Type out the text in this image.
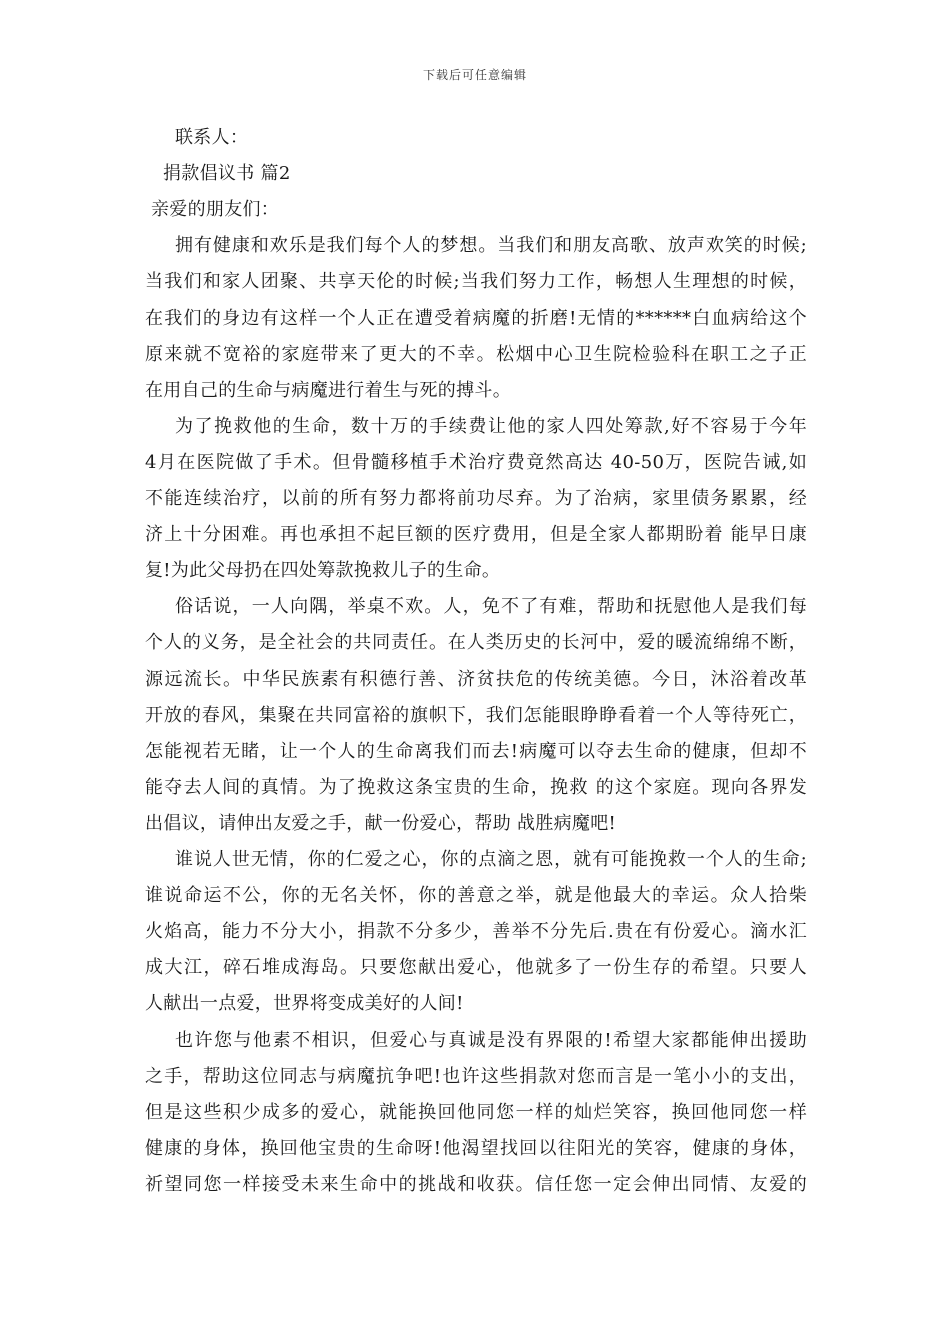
下载后可任意编辑
联系人：
捐款倡议书 篇2
亲爱的朋友们：
拥有健康和欢乐是我们每个人的梦想。当我们和朋友高歌、放声欢笑的时候;
当我们和家人团聚、共享天伦的时候;当我们努力工作，畅想人生理想的时候，
在我们的身边有这样一个人正在遭受着病魔的折磨!无情的******白血病给这个
原来就不宽裕的家庭带来了更大的不幸。松烟中心卫生院检验科在职工之子正
在用自己的生命与病魔进行着生与死的搏斗。
为了挽救他的生命，数十万的手续费让他的家人四处筹款,好不容易于今年
4月在医院做了手术。但骨髓移植手术治疗费竟然高达 40-50万，医院告诫,如
不能连续治疗，以前的所有努力都将前功尽弃。为了治病，家里债务累累，经
济上十分困难。再也承担不起巨额的医疗费用，但是全家人都期盼着 能早日康
复!为此父母扔在四处筹款挽救儿子的生命。
俗话说，一人向隅，举桌不欢。人，免不了有难，帮助和抚慰他人是我们每
个人的义务，是全社会的共同责任。在人类历史的长河中，爱的暖流绵绵不断，
源远流长。中华民族素有积德行善、济贫扶危的传统美德。今日，沐浴着改革
开放的春风，集聚在共同富裕的旗帜下，我们怎能眼睁睁看着一个人等待死亡，
怎能视若无睹，让一个人的生命离我们而去!病魔可以夺去生命的健康，但却不
能夺去人间的真情。为了挽救这条宝贵的生命，挽救 的这个家庭。现向各界发
出倡议，请伸出友爱之手，献一份爱心，帮助 战胜病魔吧!
谁说人世无情，你的仁爱之心，你的点滴之恩，就有可能挽救一个人的生命;
谁说命运不公，你的无名关怀，你的善意之举，就是他最大的幸运。众人拾柴
火焰高，能力不分大小，捐款不分多少，善举不分先后.贵在有份爱心。滴水汇
成大江，碎石堆成海岛。只要您献出爱心，他就多了一份生存的希望。只要人
人献出一点爱，世界将变成美好的人间!
也许您与他素不相识，但爱心与真诚是没有界限的!希望大家都能伸出援助
之手，帮助这位同志与病魔抗争吧!也许这些捐款对您而言是一笔小小的支出，
但是这些积少成多的爱心，就能换回他同您一样的灿烂笑容，换回他同您一样
健康的身体，换回他宝贵的生命呀!他渴望找回以往阳光的笑容，健康的身体，
祈望同您一样接受未来生命中的挑战和收获。信任您一定会伸出同情、友爱的
